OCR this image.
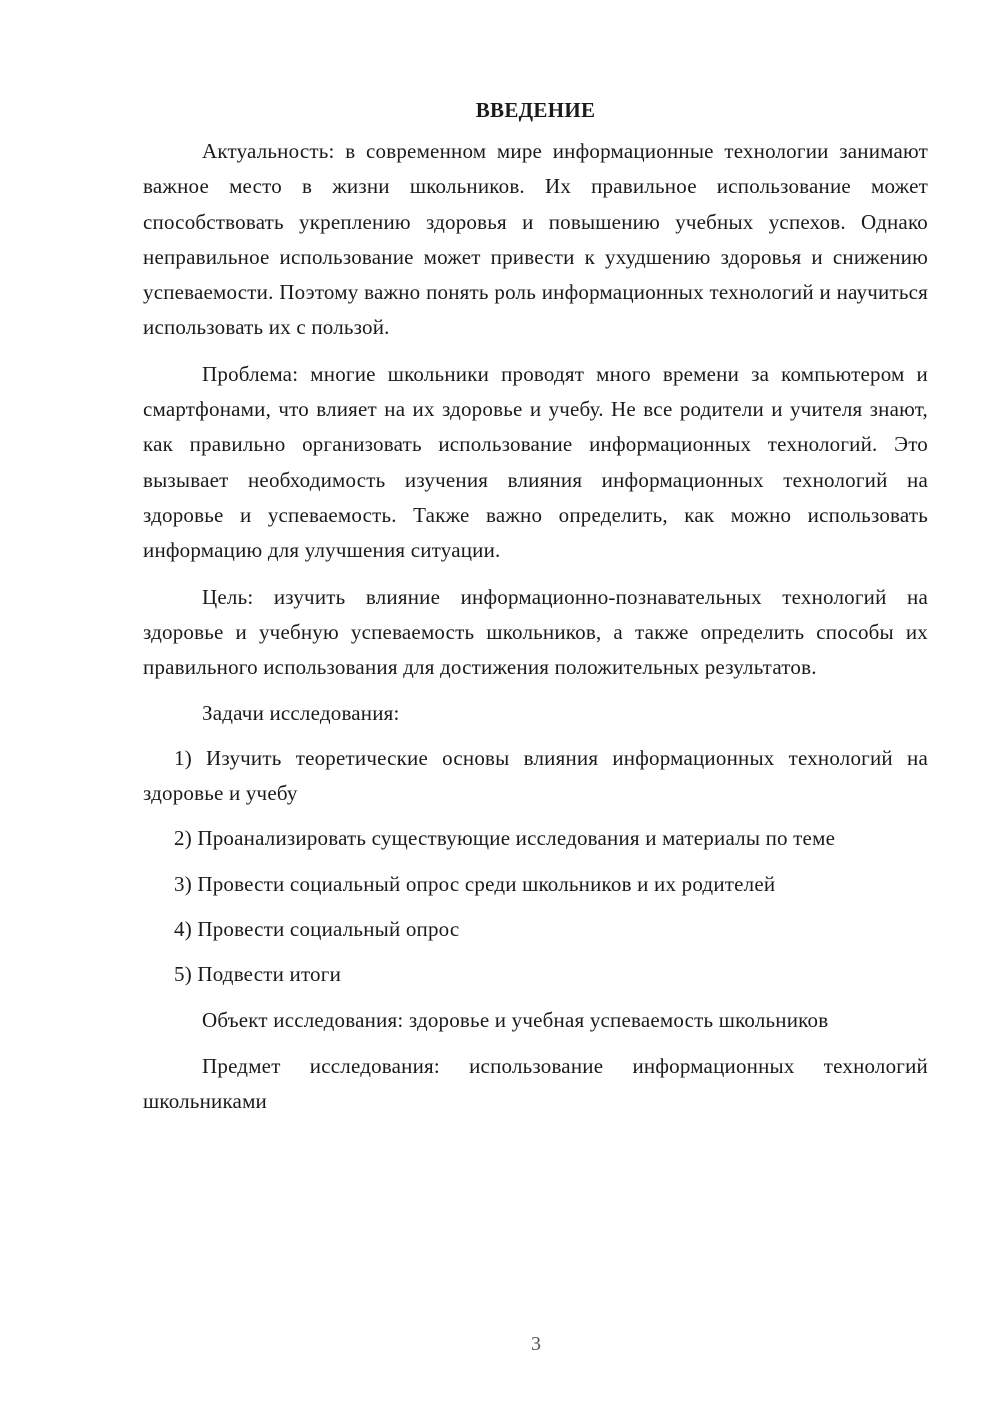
ВВЕДЕНИЕ

Актуальность: в современном мире информационные технологии занимают важное место в жизни школьников. Их правильное использование может способствовать укреплению здоровья и повышению учебных успехов. Однако неправильное использование может привести к ухудшению здоровья и снижению успеваемости. Поэтому важно понять роль информационных технологий и научиться использовать их с пользой.

Проблема: многие школьники проводят много времени за компьютером и смартфонами, что влияет на их здоровье и учебу. Не все родители и учителя знают, как правильно организовать использование информационных технологий. Это вызывает необходимость изучения влияния информационных технологий на здоровье и успеваемость. Также важно определить, как можно использовать информацию для улучшения ситуации.

Цель: изучить влияние информационно-познавательных технологий на здоровье и учебную успеваемость школьников, а также определить способы их правильного использования для достижения положительных результатов.

Задачи исследования:

1) Изучить теоретические основы влияния информационных технологий на здоровье и учебу

2) Проанализировать существующие исследования и материалы по теме

3) Провести социальный опрос среди школьников и их родителей

4) Провести социальный опрос

5) Подвести итоги

Объект исследования: здоровье и учебная успеваемость школьников

Предмет исследования: использование информационных технологий школьниками

3
